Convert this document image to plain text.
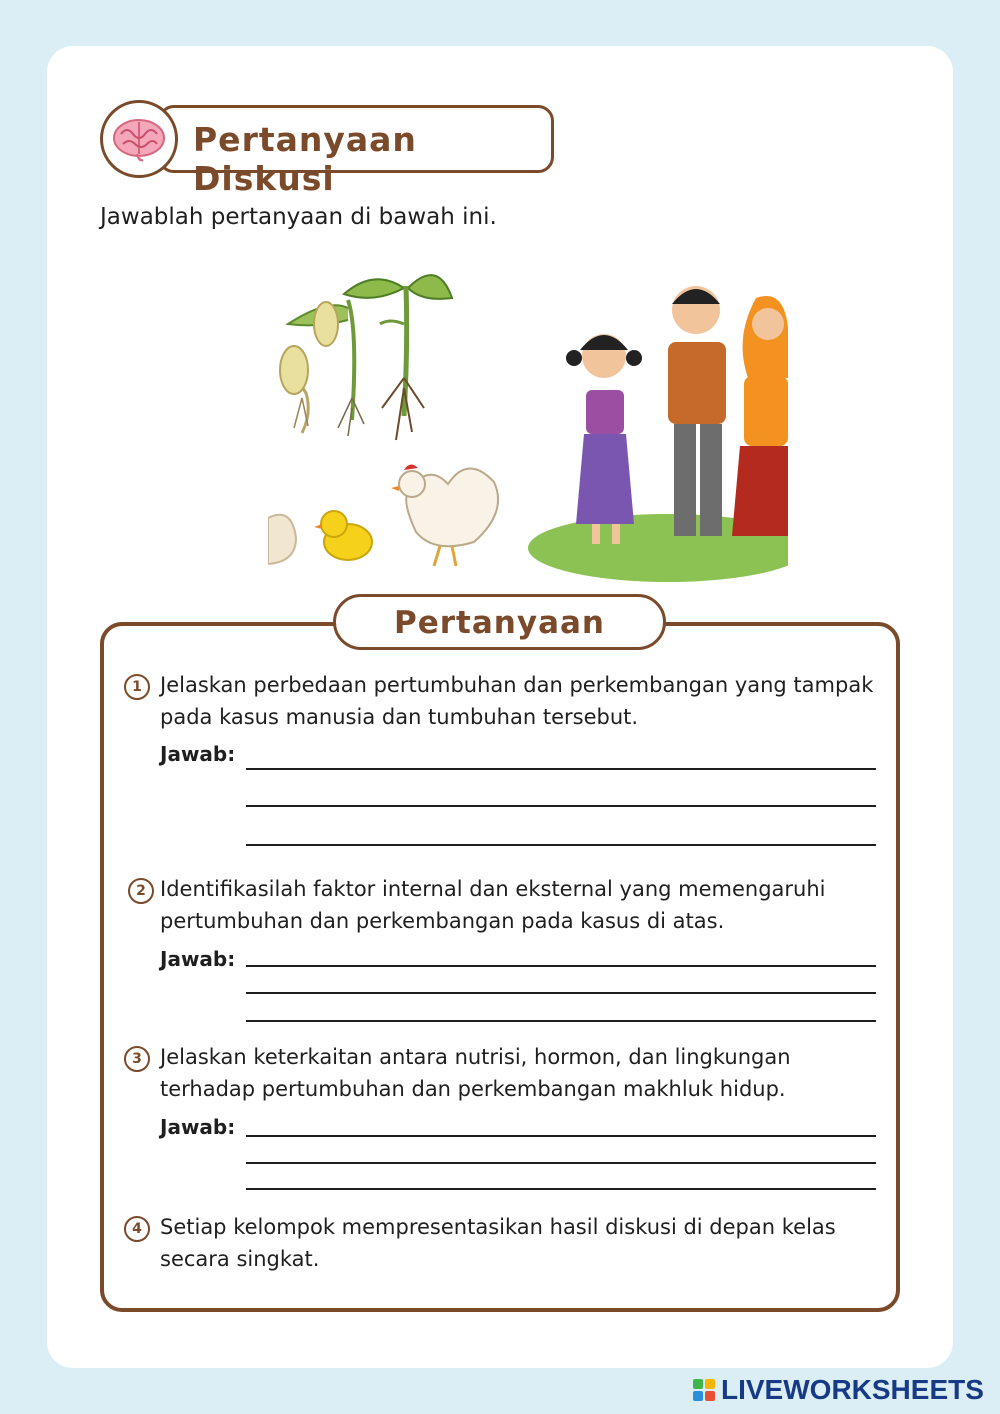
Pertanyaan Diskusi
Jawablah pertanyaan di bawah ini.
Pertanyaan
1 Jelaskan perbedaan pertumbuhan dan perkembangan yang tampak pada kasus manusia dan tumbuhan tersebut.
Jawab:
2 Identifikasilah faktor internal dan eksternal yang memengaruhi pertumbuhan dan perkembangan pada kasus di atas.
Jawab:
3 Jelaskan keterkaitan antara nutrisi, hormon, dan lingkungan terhadap pertumbuhan dan perkembangan makhluk hidup.
Jawab:
4 Setiap kelompok mempresentasikan hasil diskusi di depan kelas secara singkat.
LIVEWORKSHEETS
